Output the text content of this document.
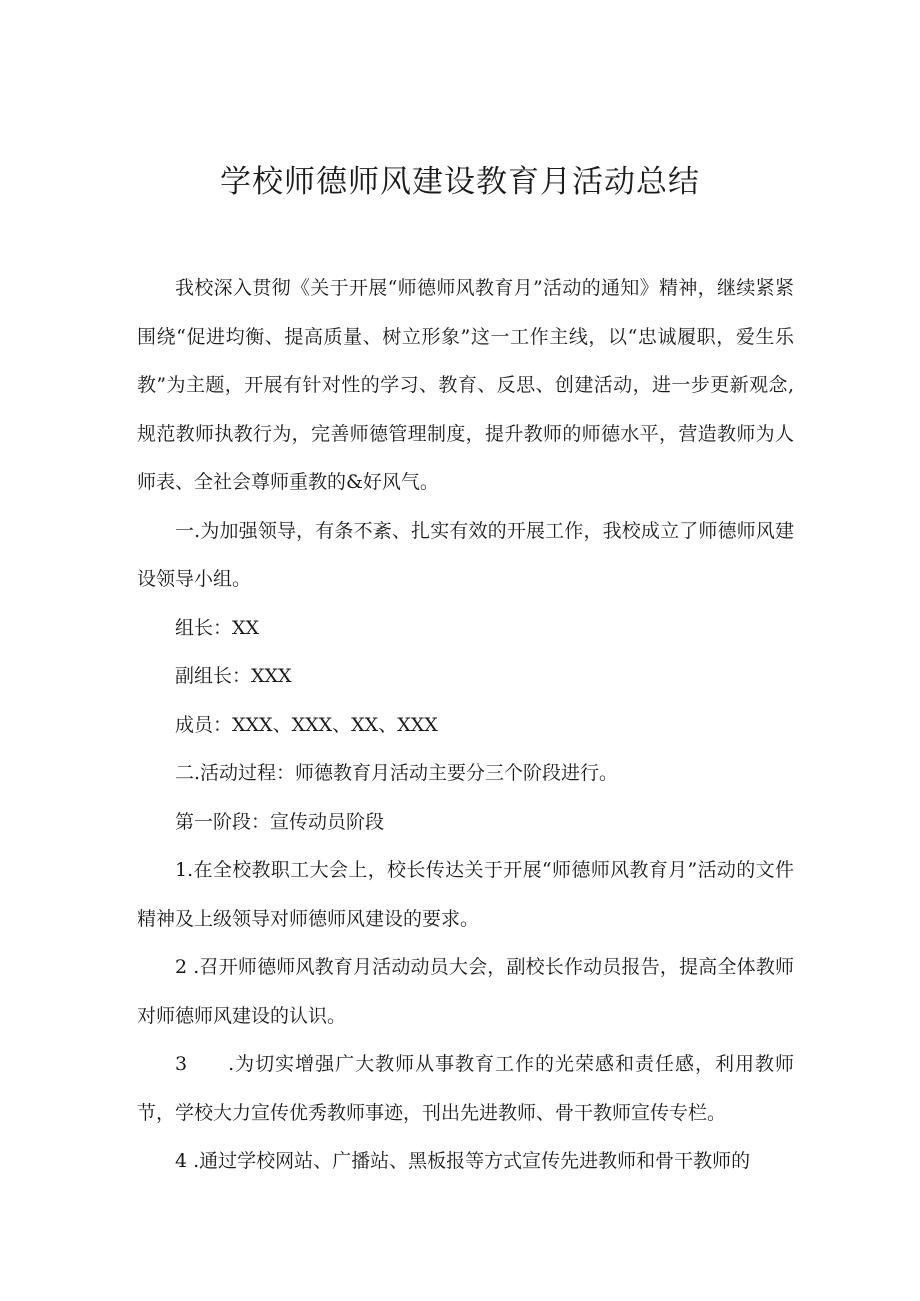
学校师德师风建设教育月活动总结

我校深入贯彻《关于开展“师德师风教育月”活动的通知》精神，继续紧紧围绕“促进均衡、提高质量、树立形象”这一工作主线，以“忠诚履职，爱生乐教”为主题，开展有针对性的学习、教育、反思、创建活动，进一步更新观念,规范教师执教行为，完善师德管理制度，提升教师的师德水平，营造教师为人师表、全社会尊师重教的&好风气。

一.为加强领导，有条不紊、扎实有效的开展工作，我校成立了师德师风建设领导小组。

组长：XX

副组长：XXX

成员：XXX、XXX、XX、XXX

二.活动过程：师德教育月活动主要分三个阶段进行。

第一阶段：宣传动员阶段

1.在全校教职工大会上，校长传达关于开展“师德师风教育月”活动的文件精神及上级领导对师德师风建设的要求。

2 .召开师德师风教育月活动动员大会，副校长作动员报告，提高全体教师对师德师风建设的认识。

3　　.为切实增强广大教师从事教育工作的光荣感和责任感，利用教师节，学校大力宣传优秀教师事迹，刊出先进教师、骨干教师宣传专栏。

4 .通过学校网站、广播站、黑板报等方式宣传先进教师和骨干教师的
